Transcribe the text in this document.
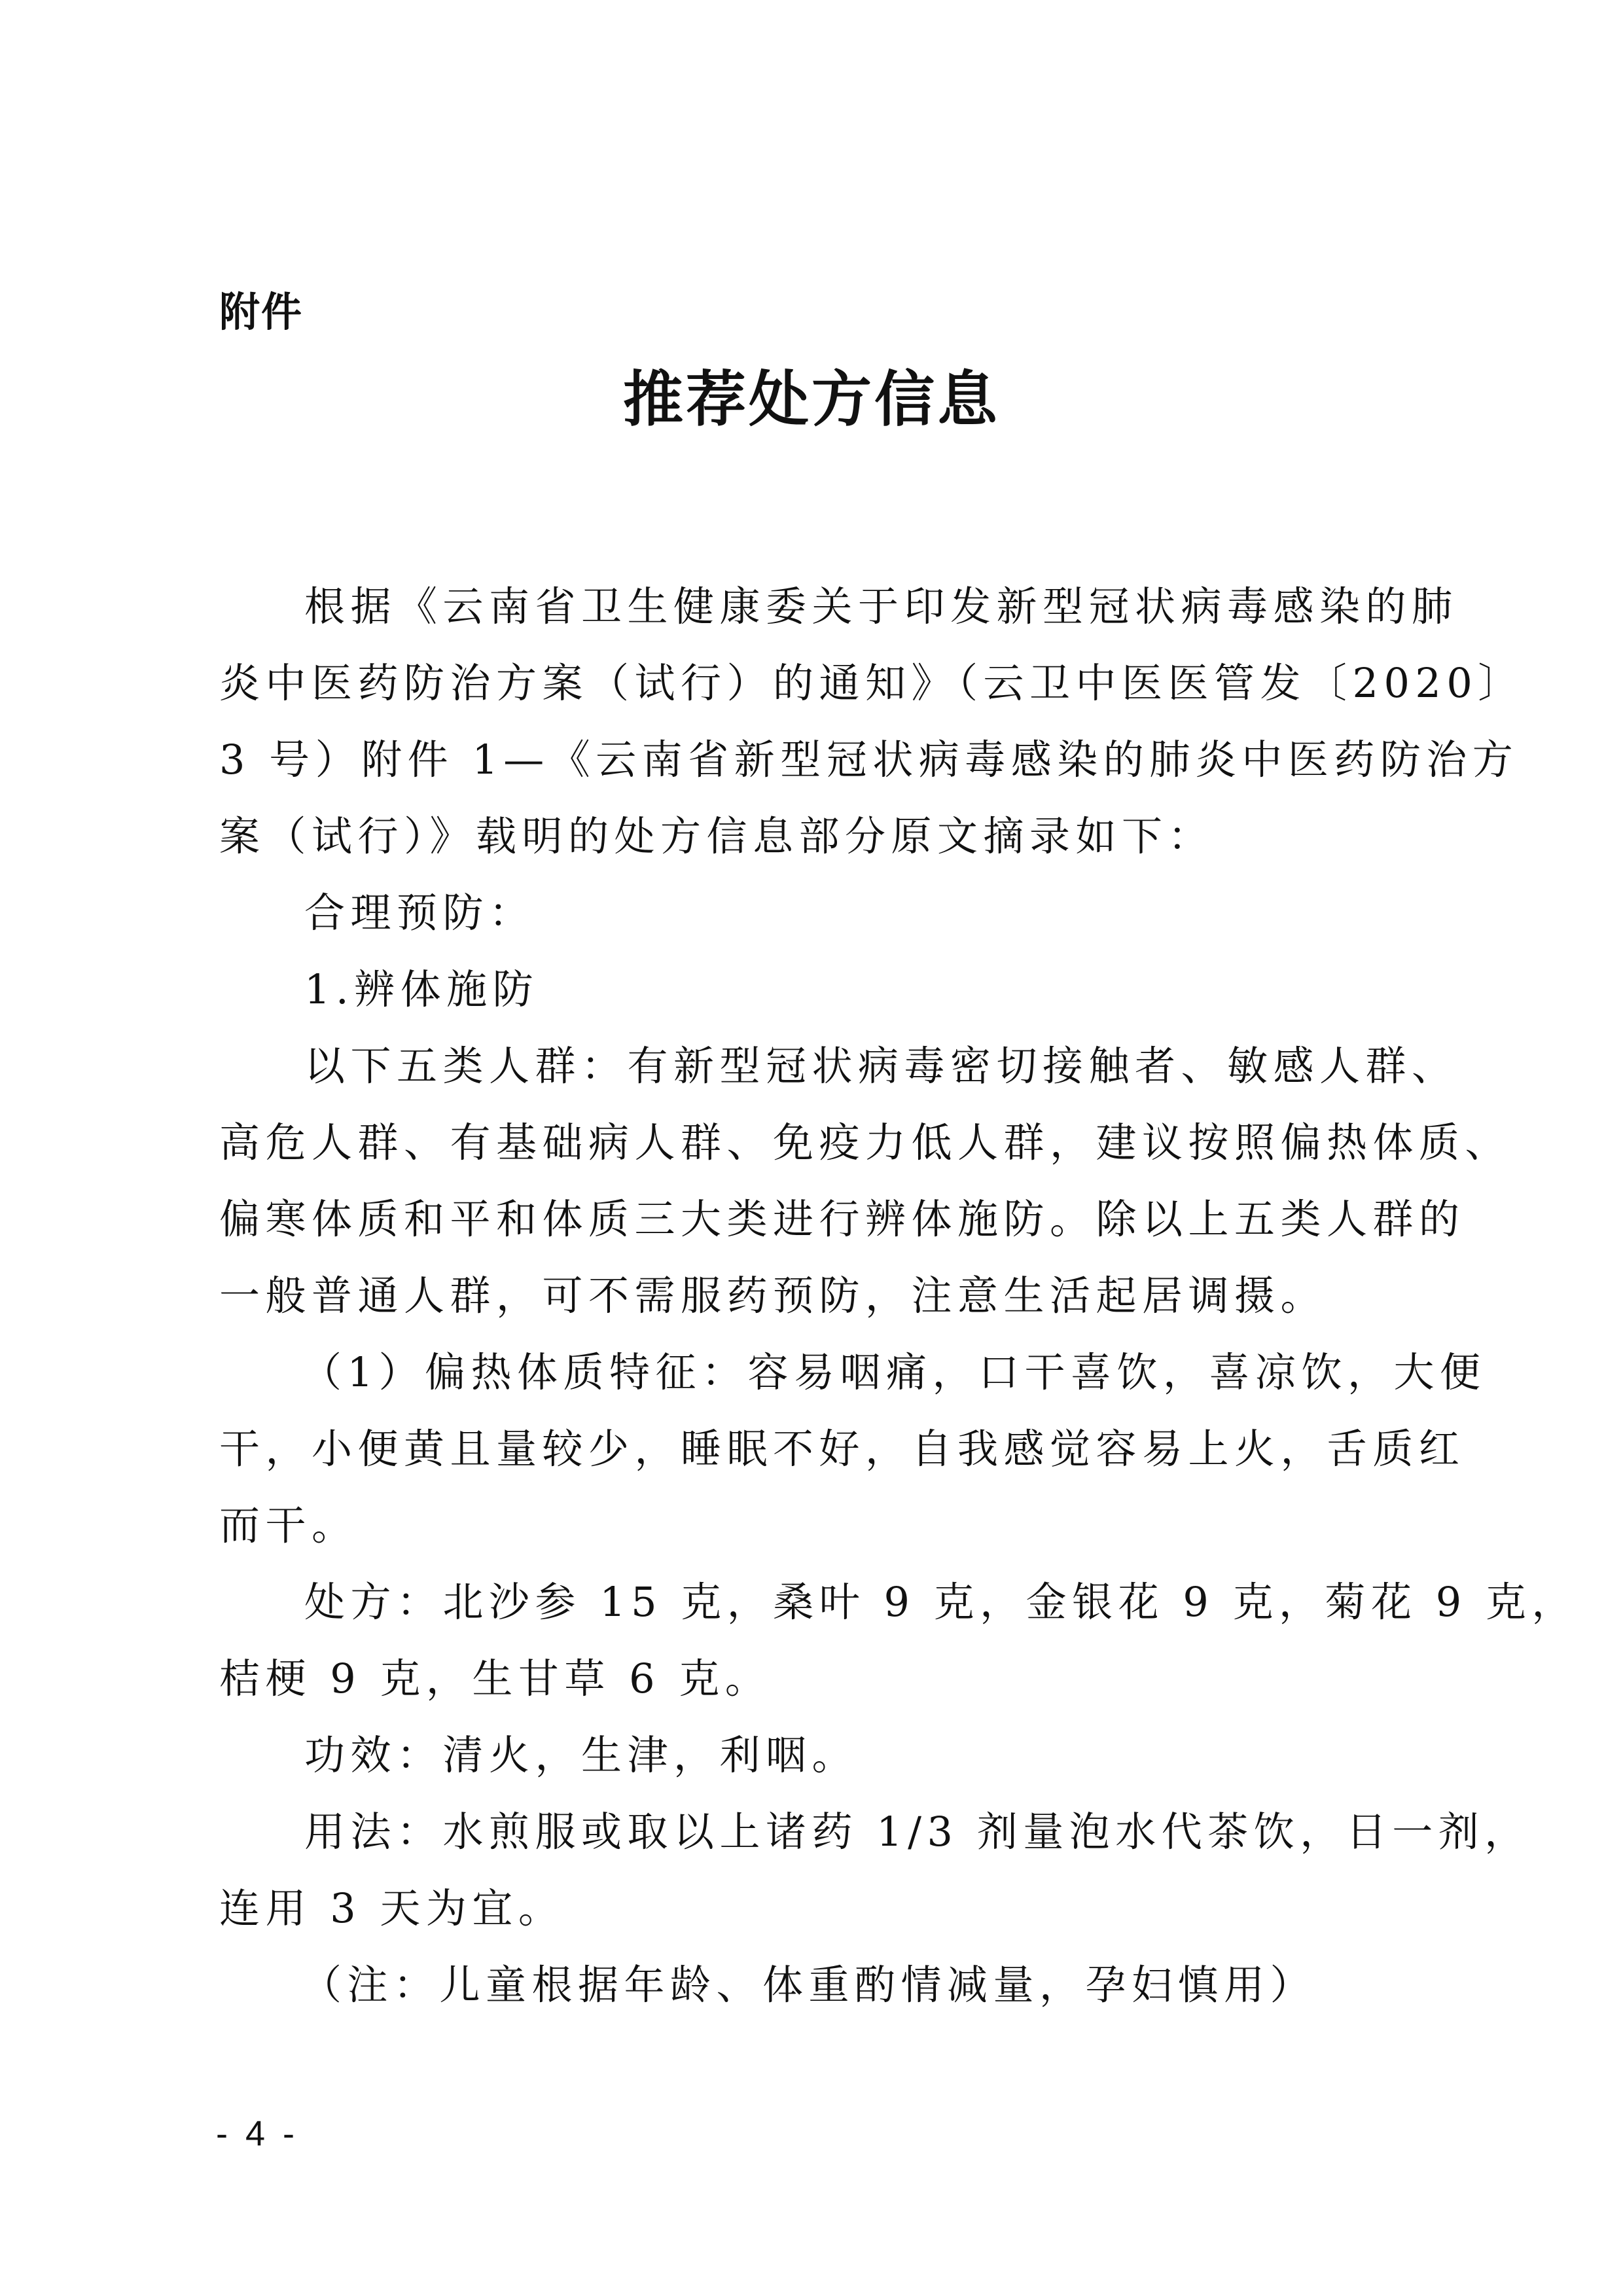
附件
推荐处方信息
根据《云南省卫生健康委关于印发新型冠状病毒感染的肺
炎中医药防治方案（试行）的通知》（云卫中医医管发〔2020〕
3 号）附件 1—《云南省新型冠状病毒感染的肺炎中医药防治方
案（试行）》载明的处方信息部分原文摘录如下：
合理预防：
1.辨体施防
以下五类人群：有新型冠状病毒密切接触者、敏感人群、
高危人群、有基础病人群、免疫力低人群，建议按照偏热体质、
偏寒体质和平和体质三大类进行辨体施防。除以上五类人群的
一般普通人群，可不需服药预防，注意生活起居调摄。
（1）偏热体质特征：容易咽痛，口干喜饮，喜凉饮，大便
干，小便黄且量较少，睡眠不好，自我感觉容易上火，舌质红
而干。
处方：北沙参 15 克，桑叶 9 克，金银花 9 克，菊花 9 克，
桔梗 9 克，生甘草 6 克。
功效：清火，生津，利咽。
用法：水煎服或取以上诸药 1/3 剂量泡水代茶饮，日一剂，
连用 3 天为宜。
（注：儿童根据年龄、体重酌情减量，孕妇慎用）
- 4 -
